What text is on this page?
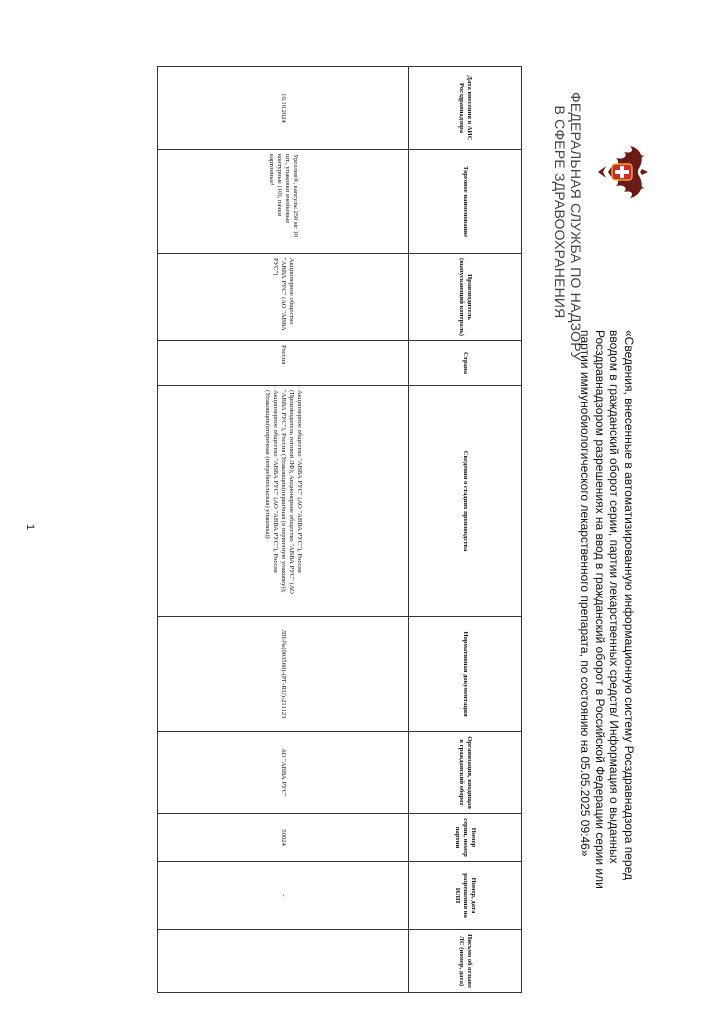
ФЕДЕРАЛЬНАЯ СЛУЖБА ПО НАДЗОРУ
В СФЕРЕ ЗДРАВООХРАНЕНИЯ
«Сведения, внесенные в автоматизированную информационную систему Росздравнадзора перед вводом в гражданский оборот серии, партии лекарственных средств/ Информация о выданных Росздравнадзором разрешениях на ввод в гражданский оборот в Российской Федерации серии или партии иммунобиологического лекарственного препарата, по состоянию на 05.05.2025 09:46»
Дата внесения в АИС Росздравнадзора	Торговое наименование	Производитель (выпускающий контроль)	Страна	Сведения о стадиях производства	Нормативная документация	Организация, вводящая в гражданский оборот	Номер серии, номер партии	Номер, дата разрешения на ИЛП	Письмо об отзыве ЛС (номер, дата)
10.10.2024	Урсолив®, капсулы 250 мг 10 шт., упаковки ячейковые контурные (10), пачки картонные¹	Акционерное общество "АВВА РУС" (АО "АВВА РУС")	Россия	Акционерное общество "АВВА РУС" (АО "АВВА РУС"), Россия (Производитель готовой ЛФ); Акционерное общество "АВВА РУС" (АО "АВВА РУС"), Россия (Упаковщик(первичная (в первичную упаковку)); Акционерное общество "АВВА РУС" (АО "АВВА РУС"), Россия (Упаковщик(вторичная (потребительская) упаковка))	ЛП-№(003560)-(РГ-RU)-211123	АО "АВВА РУС"	50024	-	
1
